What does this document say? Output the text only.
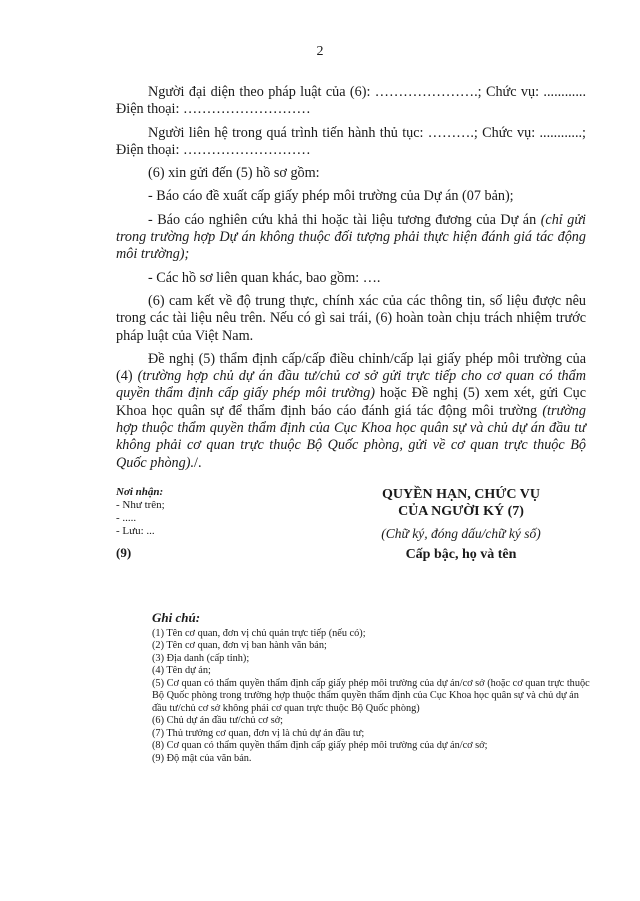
2

Người đại diện theo pháp luật của (6): ………………….; Chức vụ: ............ Điện thoại: ………………………

Người liên hệ trong quá trình tiến hành thủ tục: ……….; Chức vụ: ............; Điện thoại: ………………………

(6) xin gửi đến (5) hồ sơ gồm:

- Báo cáo đề xuất cấp giấy phép môi trường của Dự án (07 bản);

- Báo cáo nghiên cứu khả thi hoặc tài liệu tương đương của Dự án (chỉ gửi trong trường hợp Dự án không thuộc đối tượng phải thực hiện đánh giá tác động môi trường);

- Các hồ sơ liên quan khác, bao gồm: ….

(6) cam kết về độ trung thực, chính xác của các thông tin, số liệu được nêu trong các tài liệu nêu trên. Nếu có gì sai trái, (6) hoàn toàn chịu trách nhiệm trước pháp luật của Việt Nam.

Đề nghị (5) thẩm định cấp/cấp điều chỉnh/cấp lại giấy phép môi trường của (4) (trường hợp chủ dự án đầu tư/chủ cơ sở gửi trực tiếp cho cơ quan có thẩm quyền thẩm định cấp giấy phép môi trường) hoặc Đề nghị (5) xem xét, gửi Cục Khoa học quân sự để thẩm định báo cáo đánh giá tác động môi trường (trường hợp thuộc thẩm quyền thẩm định của Cục Khoa học quân sự và chủ dự án đầu tư không phải cơ quan trực thuộc Bộ Quốc phòng, gửi về cơ quan trực thuộc Bộ Quốc phòng)./.

Nơi nhận:
- Như trên;
- .....
- Lưu: ...
(9)
QUYỀN HẠN, CHỨC VỤ
CỦA NGƯỜI KÝ (7)
(Chữ ký, đóng dấu/chữ ký số)
Cấp bậc, họ và tên
Ghi chú:
(1) Tên cơ quan, đơn vị chủ quản trực tiếp (nếu có);
(2) Tên cơ quan, đơn vị ban hành văn bản;
(3) Địa danh (cấp tỉnh);
(4) Tên dự án;
(5) Cơ quan có thẩm quyền thẩm định cấp giấy phép môi trường của dự án/cơ sở (hoặc cơ quan trực thuộc Bộ Quốc phòng trong trường hợp thuộc thẩm quyền thẩm định của Cục Khoa học quân sự và chủ dự án đầu tư/chủ cơ sở không phải cơ quan trực thuộc Bộ Quốc phòng)
(6) Chủ dự án đầu tư/chủ cơ sở;
(7) Thủ trưởng cơ quan, đơn vị là chủ dự án đầu tư;
(8) Cơ quan có thẩm quyền thẩm định cấp giấy phép môi trường của dự án/cơ sở;
(9) Độ mật của văn bản.
